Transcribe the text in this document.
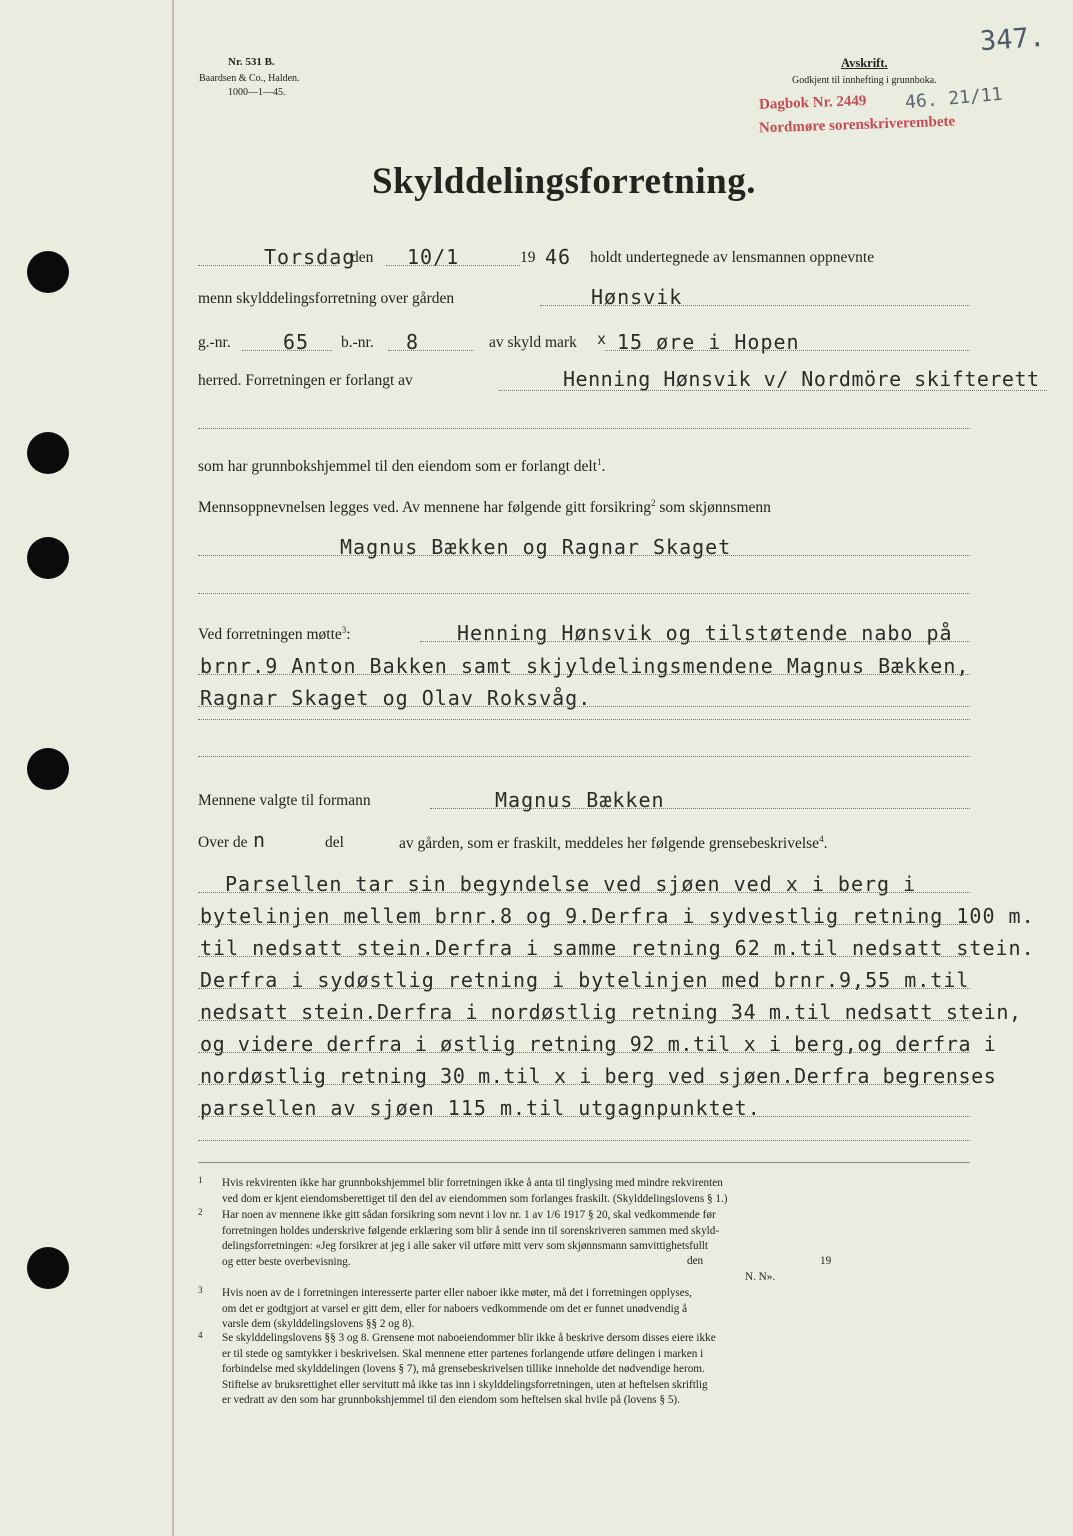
Nr. 531 B.
Baardsen & Co., Halden.
1000—1—45.
Avskrift.
Godkjent til innhefting i grunnboka.
347.
Dagbok Nr. 2449 46. 21/11
Nordmøre sorenskriverembete
Skylddelingsforretning.
Torsdag
den 10/1	19 46 holdt undertegnede av lensmannen oppnevnte
menn skylddelingsforretning over gården	Hønsvik
g.-nr.	65 b.-nr. 8	av skyld mark x 15 øre i Hopen
herred. Forretningen er forlangt av	Henning Hønsvik v/ Nordmöre skifterett
som har grunnbokshjemmel til den eiendom som er forlangt delt$^1$.
Mennsoppnevnelsen legges ved. Av mennene har følgende gitt forsikring$^2$ som skjønnsmenn
Magnus Bækken og Ragnar Skaget
Ved forretningen møtte$^3$:	Henning Hønsvik og tilstøtende nabo på
brnr.9 Anton Bakken samt skjyldelingsmendene Magnus Bækken,
Ragnar Skaget og Olav Roksvåg.
Mennene valgte til formann	Magnus Bækken
Over de n	del	av gården, som er fraskilt, meddeles her følgende grensebeskrivelse$^4$.
Parsellen tar sin begyndelse ved sjøen ved x i berg i
bytelinjen mellem brnr.8 og 9.Derfra i sydvestlig retning 100 m.
til nedsatt stein.Derfra i samme retning 62 m.til nedsatt stein.
Derfra i sydøstlig retning i bytelinjen med brnr.9,55 m.til
nedsatt stein.Derfra i nordøstlig retning 34 m.til nedsatt stein,
og videre derfra i østlig retning 92 m.til x i berg,og derfra i
nordøstlig retning 30 m.til x i berg ved sjøen.Derfra begrenses
parsellen av sjøen 115 m.til utgagnpunktet.
1 Hvis rekvirenten ikke har grunnbokshjemmel blir forretningen ikke å anta til tinglysing med mindre rekvirenten
ved dom er kjent eiendomsberettiget til den del av eiendommen som forlanges fraskilt. (Skylddelingslovens § 1.)
2 Har noen av mennene ikke gitt sådan forsikring som nevnt i lov nr. 1 av 1/6 1917 § 20, skal vedkommende før
forretningen holdes underskrive følgende erklæring som blir å sende inn til sorenskriveren sammen med skyld-
delingsforretningen: «Jeg forsikrer at jeg i alle saker vil utføre mitt verv som skjønnsmann samvittighetsfullt
og etter beste overbevisning.	den	19
N. N».
3 Hvis noen av de i forretningen interesserte parter eller naboer ikke møter, må det i forretningen opplyses,
om det er godtgjort at varsel er gitt dem, eller for naboers vedkommende om det er funnet unødvendig å
varsle dem (skylddelingslovens §§ 2 og 8).
4 Se skylddelingslovens §§ 3 og 8. Grensene mot naboeiendommer blir ikke å beskrive dersom disses eiere ikke
er til stede og samtykker i beskrivelsen. Skal mennene etter partenes forlangende utføre delingen i marken i
forbindelse med skylddelingen (lovens § 7), må grensebeskrivelsen tillike inneholde det nødvendige herom.
Stiftelse av bruksrettighet eller servitutt må ikke tas inn i skylddelingsforretningen, uten at heftelsen skriftlig
er vedratt av den som har grunnbokshjemmel til den eiendom som heftelsen skal hvile på (lovens § 5).
